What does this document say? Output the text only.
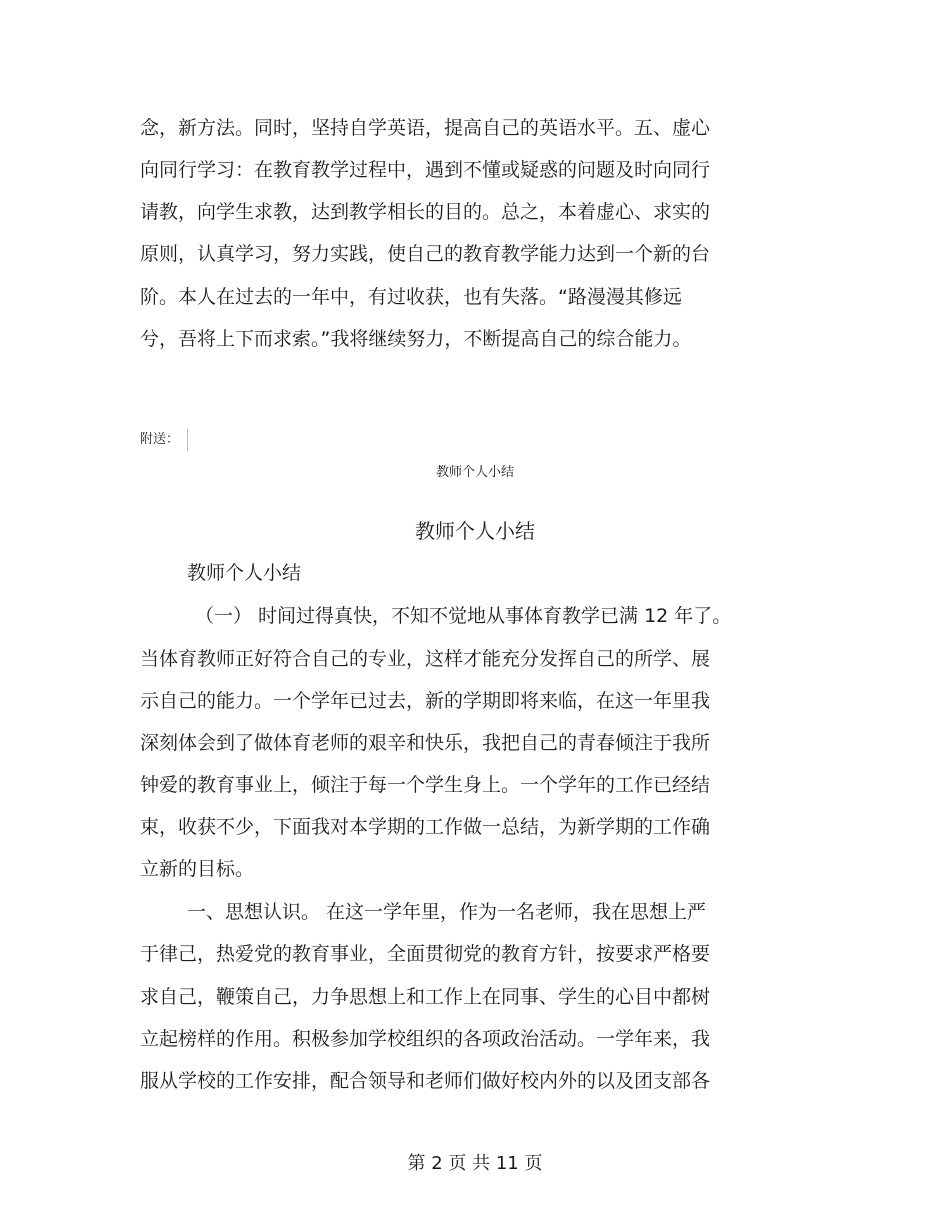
念，新方法。同时，坚持自学英语，提高自己的英语水平。五、虚心
向同行学习：在教育教学过程中，遇到不懂或疑惑的问题及时向同行
请教，向学生求教，达到教学相长的目的。总之，本着虚心、求实的
原则，认真学习，努力实践，使自己的教育教学能力达到一个新的台
阶。本人在过去的一年中，有过收获，也有失落。“路漫漫其修远
兮，吾将上下而求索。”我将继续努力，不断提高自己的综合能力。
附送：
教师个人小结
教师个人小结
教师个人小结
（一） 时间过得真快，不知不觉地从事体育教学已满 12 年了。
当体育教师正好符合自己的专业，这样才能充分发挥自己的所学、展
示自己的能力。一个学年已过去，新的学期即将来临，在这一年里我
深刻体会到了做体育老师的艰辛和快乐，我把自己的青春倾注于我所
钟爱的教育事业上，倾注于每一个学生身上。一个学年的工作已经结
束，收获不少，下面我对本学期的工作做一总结，为新学期的工作确
立新的目标。
一、思想认识。 在这一学年里，作为一名老师，我在思想上严
于律己，热爱党的教育事业，全面贯彻党的教育方针，按要求严格要
求自己，鞭策自己，力争思想上和工作上在同事、学生的心目中都树
立起榜样的作用。积极参加学校组织的各项政治活动。一学年来，我
服从学校的工作安排，配合领导和老师们做好校内外的以及团支部各
第 2 页 共 11 页
